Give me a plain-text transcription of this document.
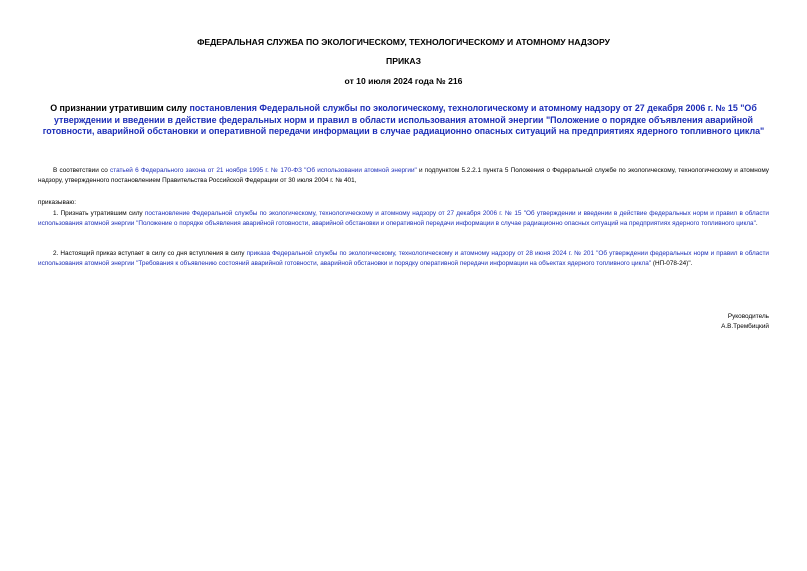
ФЕДЕРАЛЬНАЯ СЛУЖБА ПО ЭКОЛОГИЧЕСКОМУ, ТЕХНОЛОГИЧЕСКОМУ И АТОМНОМУ НАДЗОРУ
ПРИКАЗ
от 10 июля 2024 года № 216
О признании утратившим силу постановления Федеральной службы по экологическому, технологическому и атомному надзору от 27 декабря 2006 г. № 15 "Об утверждении и введении в действие федеральных норм и правил в области использования атомной энергии "Положение о порядке объявления аварийной готовности, аварийной обстановки и оперативной передачи информации в случае радиационно опасных ситуаций на предприятиях ядерного топливного цикла"
В соответствии со статьей 6 Федерального закона от 21 ноября 1995 г. № 170-ФЗ "Об использовании атомной энергии" и подпунктом 5.2.2.1 пункта 5 Положения о Федеральной службе по экологическому, технологическому и атомному надзору, утвержденного постановлением Правительства Российской Федерации от 30 июля 2004 г. № 401,
приказываю:
1. Признать утратившим силу постановление Федеральной службы по экологическому, технологическому и атомному надзору от 27 декабря 2006 г. № 15 "Об утверждении и введении в действие федеральных норм и правил в области использования атомной энергии "Положение о порядке объявления аварийной готовности, аварийной обстановки и оперативной передачи информации в случае радиационно опасных ситуаций на предприятиях ядерного топливного цикла".
2. Настоящий приказ вступает в силу со дня вступления в силу приказа Федеральной службы по экологическому, технологическому и атомному надзору от 28 июня 2024 г. № 201 "Об утверждении федеральных норм и правил в области использования атомной энергии "Требования к объявлению состояний аварийной готовности, аварийной обстановки и порядку оперативной передачи информации на объектах ядерного топливного цикла" (НП-078-24)".
Руководитель
А.В.Трембицкий
